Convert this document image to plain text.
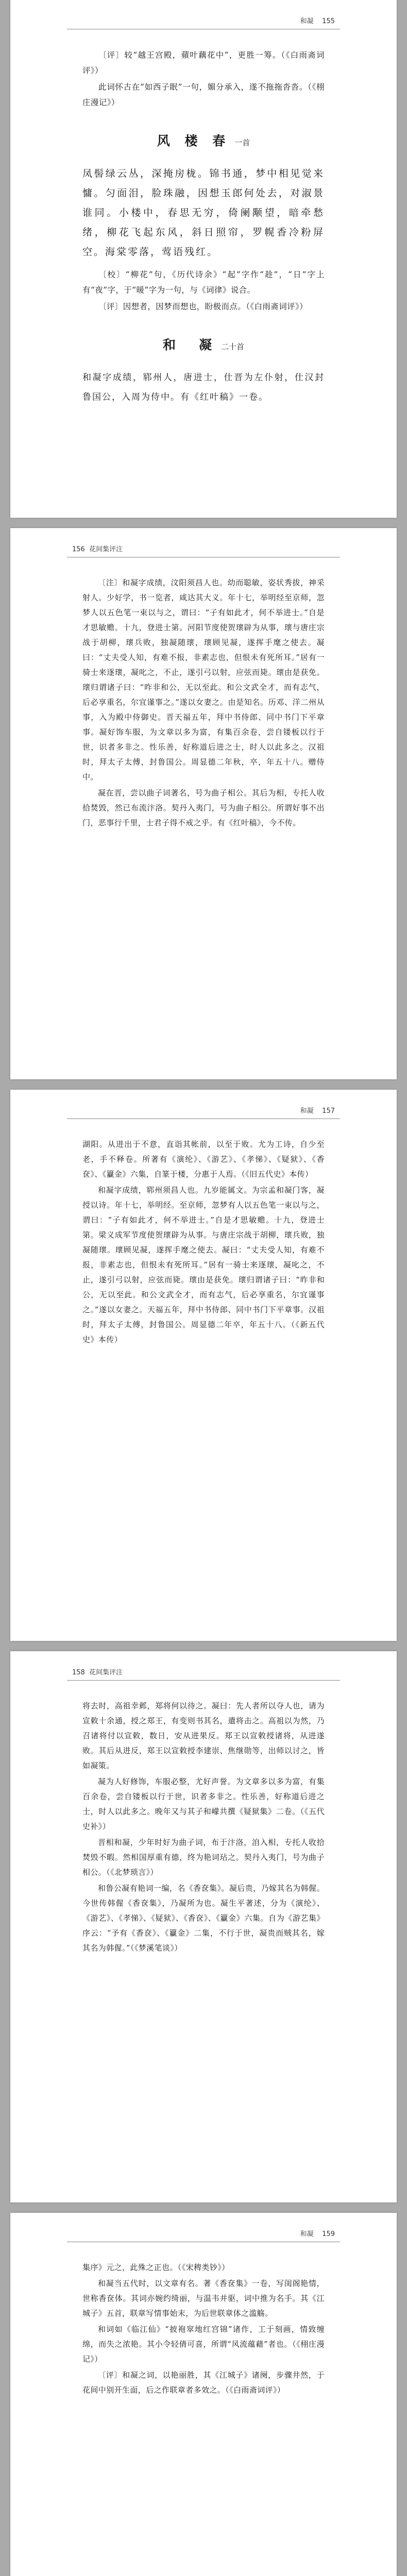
和凝 155

〔评〕较“越王宫殿，蘋叶藕花中”，更胜一筹。（《白雨斋词评》）

此词怀古在“如西子眠”一句，媚分承入，遂不拖拖沓沓。（《栩庄漫记》）

风 楼 春 一首

凤髻绿云丛，深掩房栊。锦书通，梦中相见觉来慵。匀面泪，脸珠融，因想玉郎何处去，对淑景谁同。小楼中，春思无穷，倚阑颙望，暗牵愁绪，柳花飞起东风，斜日照帘，罗幌香冷粉屏空。海棠零落，莺语残红。

〔校〕“柳花”句，《历代诗余》“起”字作“趁”，“日”字上有“夜”字，于“暖”字为一句，与《词律》说合。

〔评〕因想者，因梦而想也，盼极而点。（《白雨斋词评》）

和　凝 二十首

和凝字成绩，郓州人，唐进士，仕晋为左仆射，仕汉封鲁国公，入周为侍中。有《红叶稿》一卷。

156 花间集评注

〔注〕和凝字成绩，汶阳须昌人也。幼而聪敏，姿状秀拔，神采射人。少好学，书一览者，咸达其大义。年十七，举明经至京师，忽梦人以五色笔一束以与之，谓曰：“子有如此才，何不举进士。”自是才思敏赡。十九，登进士第。河阳节度使贺瓌辟为从事，瓌与唐庄宗战于胡柳，瓌兵败，独凝随瓌，瓌顾见凝，遂挥手麾之使去。凝曰：“丈夫受人知，有难不报，非素志也，但恨未有死所耳。”居有一骑士来逐瓌，凝叱之，不止，遂引弓以射，应弦而毙。瓌由是获免。瓌归谓诸子曰：“昨非和公，无以至此。和公文武全才，而有志气，后必享重名，尔宜谨事之。”遂以女妻之。由是知名。历邓、洋二州从事，入为殿中侍御史。晋天福五年，拜中书侍郎、同中书门下平章事。凝好饰车服，为文章以多为富，有集百余卷，尝自镂板以行于世，识者多非之。性乐善，好称道后进之士，时人以此多之。汉祖时，拜太子太傅，封鲁国公。周显德二年秋，卒，年五十八。赠侍中。

凝在晋，尝以曲子词著名，号为曲子相公。其后为相，专托人收拾焚毁，然已布流汴洛。契丹入夷门，号为曲子相公。所谓好事不出门，恶事行千里，士君子得不戒之乎。有《红叶稿》，今不传。

和凝 157

湖阳。从进出于不意，直诣其帐前，以至于败。尤为工诗，自少至老，手不释卷。所著有《演纶》、《游艺》、《孝悌》、《疑狱》、《香奁》、《籯金》六集，自篆于楼，分惠于人焉。（《旧五代史》本传）

和凝字成绩，郓州须昌人也。九岁能属文。为宗孟和凝门客，凝授以诗。年十七，举明经。至京师，忽梦有人以五色笔一束以与之，谓曰：“子有如此才，何不举进士。”自是才思敏赡。十九，登进士第。梁义成军节度使贺瓌辟为从事。与唐庄宗战于胡柳，瓌兵败，独凝随瓌。瓌顾见凝，遂挥手麾之使去。凝曰：“丈夫受人知，有难不报，非素志也，但恨未有死所耳。”居有一骑士来逐瓌，凝叱之，不止，遂引弓以射，应弦而毙。瓌由是获免。瓌归谓诸子曰：“昨非和公，无以至此。和公文武全才，而有志气，后必享重名，尔宜谨事之。”遂以女妻之。天福五年，拜中书侍郎、同中书门下平章事。汉祖时，拜太子太傅，封鲁国公。周显德二年卒，年五十八。（《新五代史》本传）

158 花间集评注

将去时，高祖幸邺，郑将何以待之。凝曰：先人者所以夺人也，请为宣敕十余通，授之郑王，有变则书其名，遣将击之。高祖以为然，乃召诸将付以宣敕，数日，安从进果反。郑王以宣敕授诸将，从进遂败。其后从进反，郑王以宣敕授李建崇、焦继勋等，出师以讨之，皆如凝策。

凝为人好修饰，车服必整，尤好声誉。为文章多以多为富，有集百余卷，尝自镂板以行于世，识者多非之。性乐善，好称道后进之士，时人以此多之。晚年又与其子和㠓共撰《疑狱集》二卷。（《五代史补》）

晋相和凝，少年时好为曲子词，布于汴洛，洎入相，专托人收拾焚毁不暇。然相国厚重有德，终为艳词玷之。契丹入夷门，号为曲子相公。（《北梦琐言》）

和鲁公凝有艳词一编，名《香奁集》。凝后贵，乃嫁其名为韩偓。今世传韩偓《香奁集》，乃凝所为也。凝生平著述，分为《演纶》、《游艺》、《孝悌》、《疑狱》、《香奁》、《籯金》六集。自为《游艺集》序云：“予有《香奁》、《籯金》二集，不行于世，凝贵而贼其名，嫁其名为韩偓。”（《梦溪笔谈》）

和凝 159

集序》元之，此殊之正也。（《宋稗类钞》）

和凝当五代时，以文章有名。著《香奁集》一卷，写闺阁艳情，世称香奁体。其词亦婉约绮丽，与温韦并驱，词中推为名手。其《江城子》五首，联章写情事始末，为后世联章体之滥觞。

和词如《临江仙》“披袍窣地红宫锦”诸作，工于刻画，情致缠绵，而失之浓艳。其小令轻倩可喜，所谓“风流蕴藉”者也。（《栩庄漫记》）

〔评〕和凝之词，以艳丽胜，其《江城子》诸阕，步骤井然，于花间中别开生面，后之作联章者多效之。（《白雨斋词评》）
